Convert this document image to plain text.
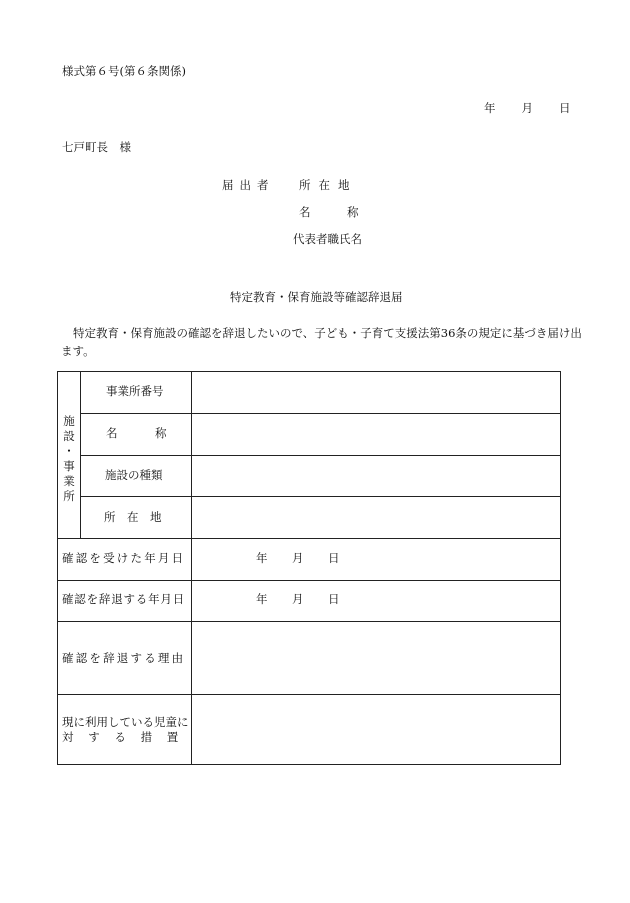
様式第６号(第６条関係)
年 月 日
七戸町長　様
届出者 所在地
名	称
代表者職氏名
特定教育・保育施設等確認辞退届
特定教育・保育施設の確認を辞退したいので、子ども・子育て支援法第36条の規定に基づき届け出ます。
施
設
・
事
業
所
事業所番号
名	称
施設の種類
所　在　地
確認を受けた年月日	年 月 日
確認を辞退する年月日	年 月 日
確認を辞退する理由
現に利用している児童に
対　す　る　措　置
